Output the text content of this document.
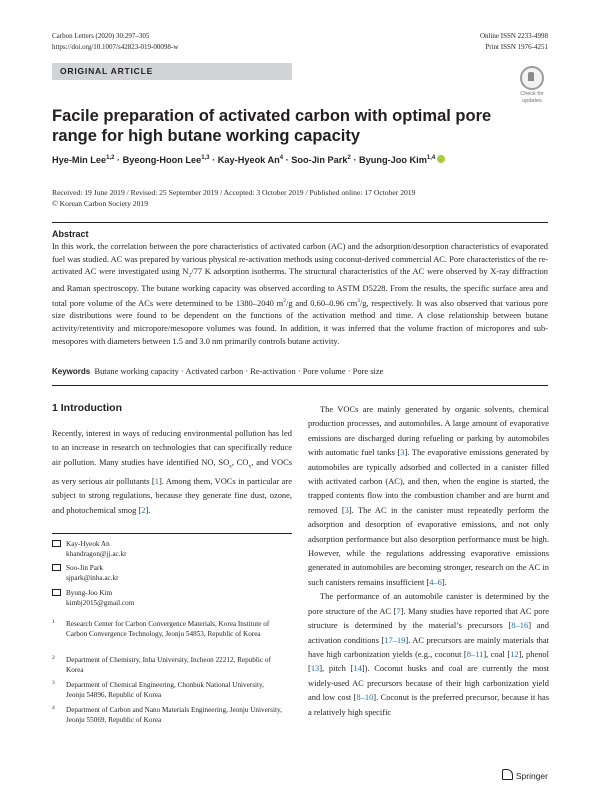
Carbon Letters (2020) 30:297–305
https://doi.org/10.1007/s42823-019-00098-w
Online ISSN 2233-4998
Print ISSN 1976-4251
ORIGINAL ARTICLE
Check for
updates
Facile preparation of activated carbon with optimal pore range for high butane working capacity
Hye-Min Lee$^{1,2}$ · Byeong-Hoon Lee$^{1,3}$ · Kay-Hyeok $An^4 \cdot Soo-Jin$ Park$^2$ · Byung-Joo Kim$^{1,4}$
Received: 19 June 2019 / Revised: 25 September 2019 / Accepted: 3 October 2019 / Published online: 17 October 2019
© Korean Carbon Society 2019
Abstract
In this work, the correlation between the pore characteristics of activated carbon (AC) and the adsorption/desorption characteristics of evaporated fuel was studied. AC was prepared by various physical re-activation methods using coconut-derived commercial AC. Pore characteristics of the re-activated AC were investigated using $N_2/77$ K adsorption isotherms. The structural characteristics of the AC were observed by X-ray diffraction and Raman spectroscopy. The butane working capacity was observed according to ASTM D5228. From the results, the specific surface area and total pore volume of the ACs were determined to be 1380–2040 $m^2/g$ and 0.60–0.96 $cm^3/g$, respectively. It was also observed that various pore size distributions were found to be dependent on the functions of the activation method and time. A close relationship between butane activity/retentivity and micropore/mesopore volumes was found. In addition, it was inferred that the volume fraction of micropores and sub-mesopores with diameters between 1.5 and 3.0 nm primarily controls butane activity.
Keywords Butane working capacity · Activated carbon · Re-activation · Pore volume · Pore size
1 Introduction

Recently, interest in ways of reducing environmental pollution has led to an increase in research on technologies that can specifically reduce air pollution. Many studies have identified NO, $SO_x$, $CO_x$, and VOCs as very serious air pollutants [1]. Among them, VOCs in particular are subject to strong regulations, because they generate fine dust, ozone, and photochemical smog [2].

Kay-Hyeok An
khandragon@jj.ac.kr
Soo-Jin Park
sjpark@inha.ac.kr
Byung-Joo Kim
kimbj2015@gmail.com
1 Research Center for Carbon Convergence Materials, Korea Institute of Carbon Convergence Technology, Jeonju 54853, Republic of Korea
2 Department of Chemistry, Inha University, Incheon 22212, Republic of Korea
3 Department of Chemical Engineering, Chonbuk National University, Jeonju 54896, Republic of Korea
4 Department of Carbon and Nano Materials Engineering, Jeonju University, Jeonju 55069, Republic of Korea

The VOCs are mainly generated by organic solvents, chemical production processes, and automobiles. A large amount of evaporative emissions are discharged during refueling or parking by automobiles with automatic fuel tanks [3]. The evaporative emissions generated by automobiles are typically adsorbed and collected in a canister filled with activated carbon (AC), and then, when the engine is started, the trapped contents flow into the combustion chamber and are burnt and removed [3]. The AC in the canister must repeatedly perform the adsorption and desorption of evaporative emissions, and not only adsorption performance but also desorption performance must be high. However, while the regulations addressing evaporative emissions generated in automobiles are becoming stronger, research on the AC in such canisters remains insufficient [4–6].

The performance of an automobile canister is determined by the pore structure of the AC [7]. Many studies have reported that AC pore structure is determined by the material’s precursors [8–16] and activation conditions [17–19]. AC precursors are mainly materials that have high carbonization yields (e.g., coconut [8–11], coal [12], phenol [13], pitch [14]). Coconut husks and coal are currently the most widely-used AC precursors because of their high carbonization yield and low cost [8–10]. Coconut is the preferred precursor, because it has a relatively high specific

Springer
